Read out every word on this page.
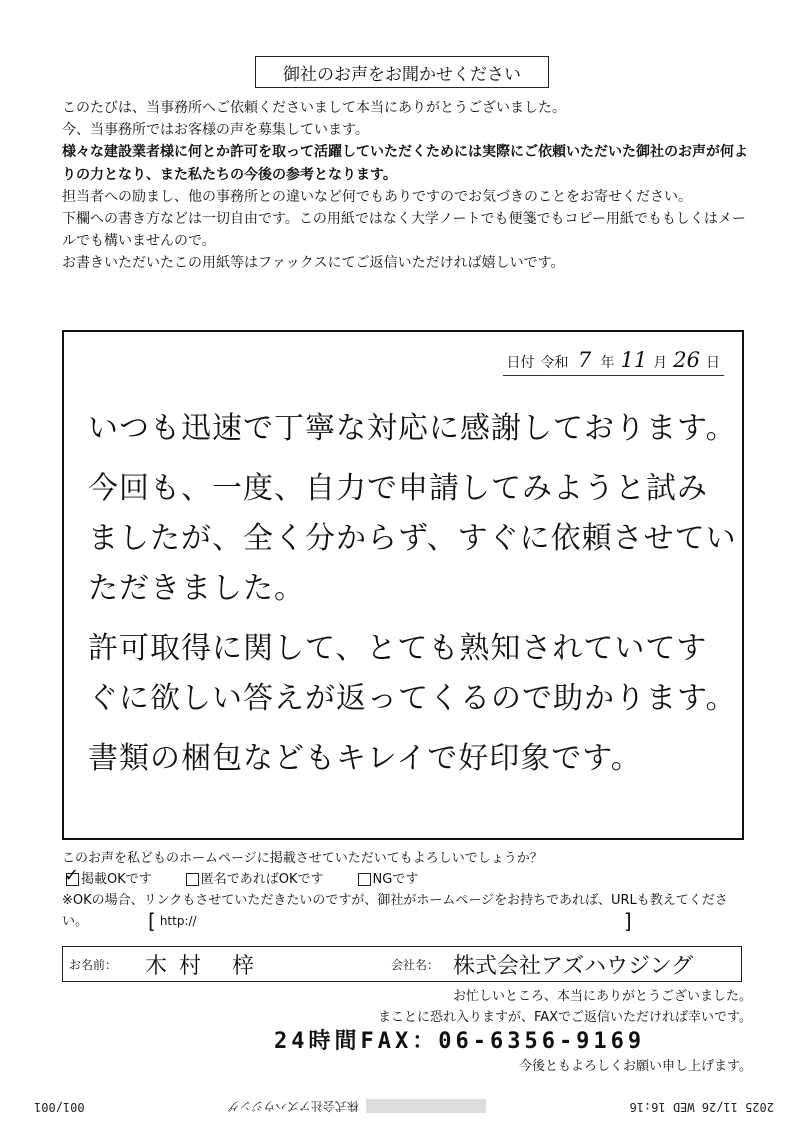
御社のお声をお聞かせください

このたびは、当事務所へご依頼くださいまして本当にありがとうございました。

今、当事務所ではお客様の声を募集しています。

様々な建設業者様に何とか許可を取って活躍していただくためには実際にご依頼いただいた御社のお声が何よりの力となり、また私たちの今後の参考となります。

担当者への励まし、他の事務所との違いなど何でもありですのでお気づきのことをお寄せください。

下欄への書き方などは一切自由です。この用紙ではなく大学ノートでも便箋でもコピー用紙でももしくはメールでも構いませんので。

お書きいただいたこの用紙等はファックスにてご返信いただければ嬉しいです。

日付 令和 7 年 11 月 26 日

いつも迅速で丁寧な対応に感謝しております。

今回も、一度、自力で申請してみようと試みましたが、全く分からず、すぐに依頼させていただきました。

許可取得に関して、とても熟知されていてすぐに欲しい答えが返ってくるので助かります。

書類の梱包などもキレイで好印象です。

このお声を私どものホームページに掲載させていただいてもよろしいでしょうか？

✓
掲載OKです	匿名であればOKです	NGです

※OKの場合、リンクもさせていただきたいのですが、御社がホームページをお持ちであれば、URLも教えてください。	[ http://	]
お名前： 木村 梓	会社名： 株式会社アズハウジング
お忙しいところ、本当にありがとうございました。
まことに恐れ入りますが、FAXでご返信いただければ幸いです。
24時間FAX：06-6356-9169
今後ともよろしくお願い申し上げます。
2025 11/26 WED 16:16
株式会社アズハウジング
001/001
